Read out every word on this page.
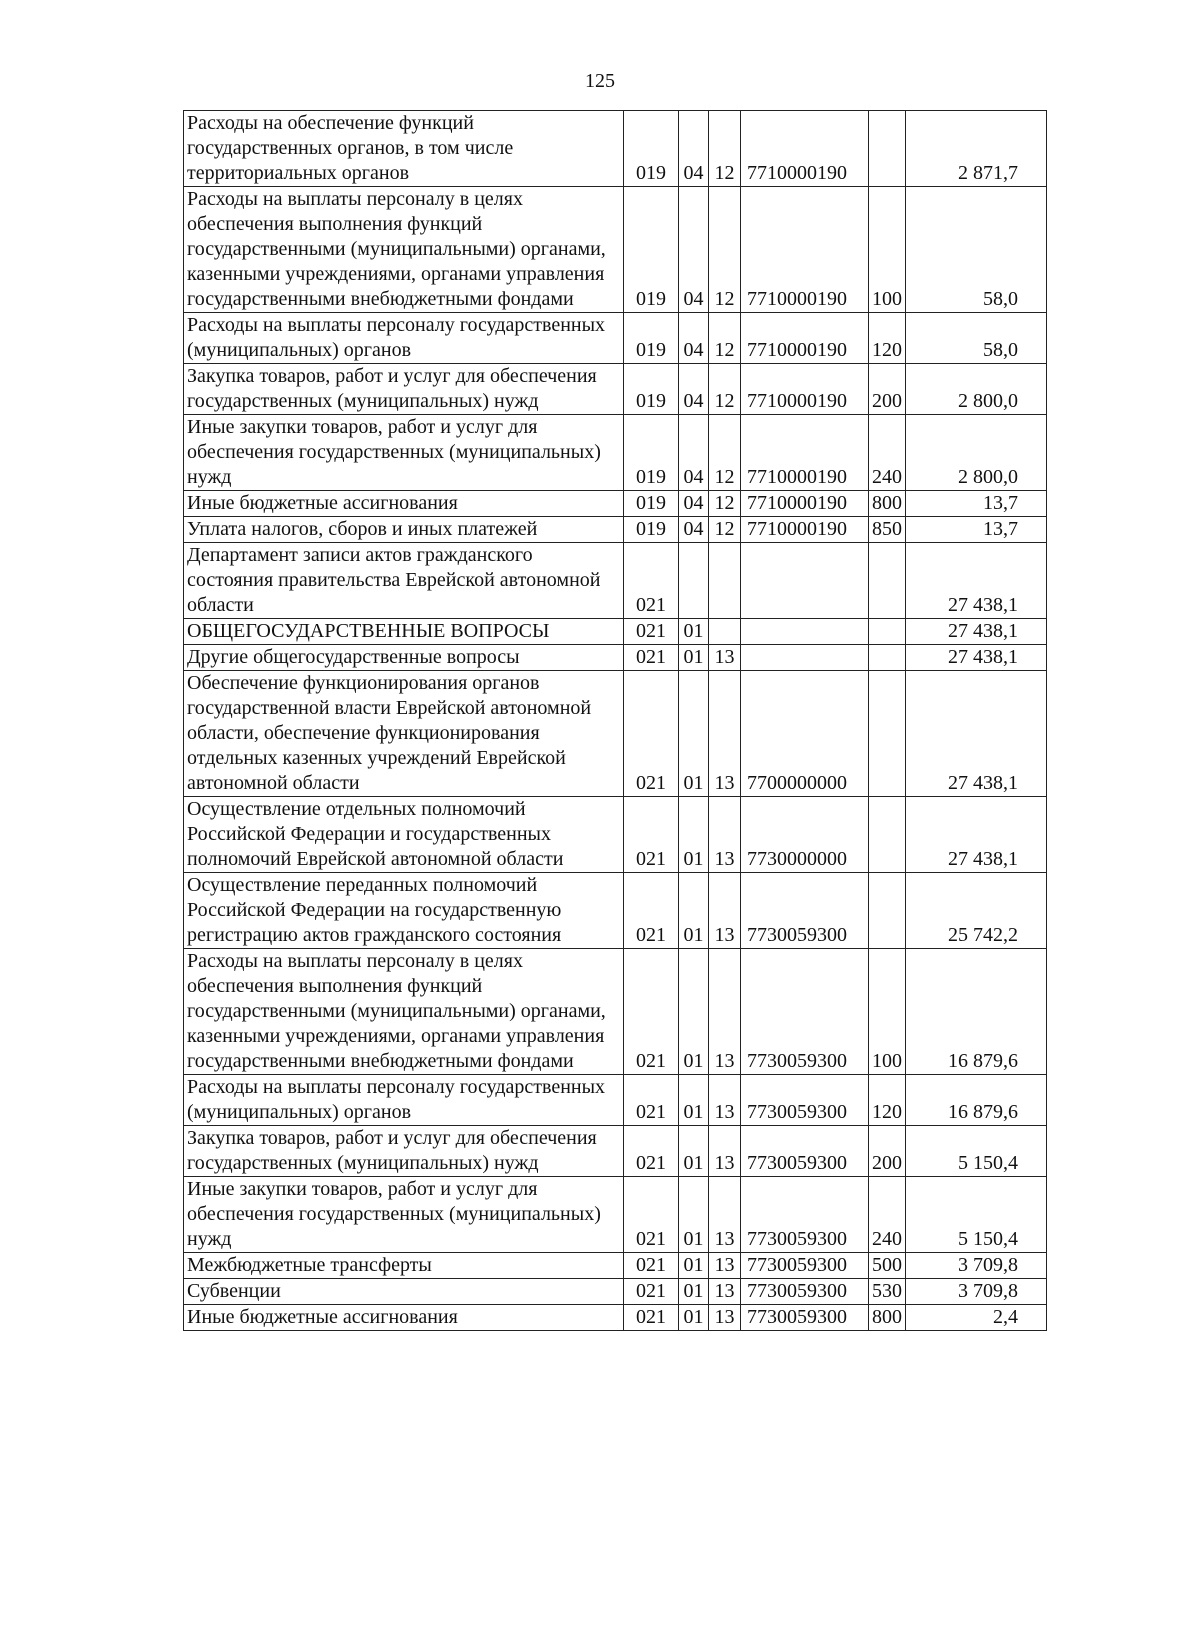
125
Расходы на обеспечение функций государственных органов, в том числе территориальных органов	019	04	12	7710000190		2 871,7
Расходы на выплаты персоналу в целях обеспечения выполнения функций государственными (муниципальными) органами, казенными учреждениями, органами управления государственными внебюджетными фондами	019	04	12	7710000190	100	58,0
Расходы на выплаты персоналу государственных (муниципальных) органов	019	04	12	7710000190	120	58,0
Закупка товаров, работ и услуг для обеспечения государственных (муниципальных) нужд	019	04	12	7710000190	200	2 800,0
Иные закупки товаров, работ и услуг для обеспечения государственных (муниципальных) нужд	019	04	12	7710000190	240	2 800,0
Иные бюджетные ассигнования	019	04	12	7710000190	800	13,7
Уплата налогов, сборов и иных платежей	019	04	12	7710000190	850	13,7
Департамент записи актов гражданского состояния правительства Еврейской автономной области	021					27 438,1
ОБЩЕГОСУДАРСТВЕННЫЕ ВОПРОСЫ	021	01				27 438,1
Другие общегосударственные вопросы	021	01	13			27 438,1
Обеспечение функционирования органов государственной власти Еврейской автономной области, обеспечение функционирования отдельных казенных учреждений Еврейской автономной области	021	01	13	7700000000		27 438,1
Осуществление отдельных полномочий Российской Федерации и государственных полномочий Еврейской автономной области	021	01	13	7730000000		27 438,1
Осуществление переданных полномочий Российской Федерации на государственную регистрацию актов гражданского состояния	021	01	13	7730059300		25 742,2
Расходы на выплаты персоналу в целях обеспечения выполнения функций государственными (муниципальными) органами, казенными учреждениями, органами управления государственными внебюджетными фондами	021	01	13	7730059300	100	16 879,6
Расходы на выплаты персоналу государственных (муниципальных) органов	021	01	13	7730059300	120	16 879,6
Закупка товаров, работ и услуг для обеспечения государственных (муниципальных) нужд	021	01	13	7730059300	200	5 150,4
Иные закупки товаров, работ и услуг для обеспечения государственных (муниципальных) нужд	021	01	13	7730059300	240	5 150,4
Межбюджетные трансферты	021	01	13	7730059300	500	3 709,8
Субвенции	021	01	13	7730059300	530	3 709,8
Иные бюджетные ассигнования	021	01	13	7730059300	800	2,4
